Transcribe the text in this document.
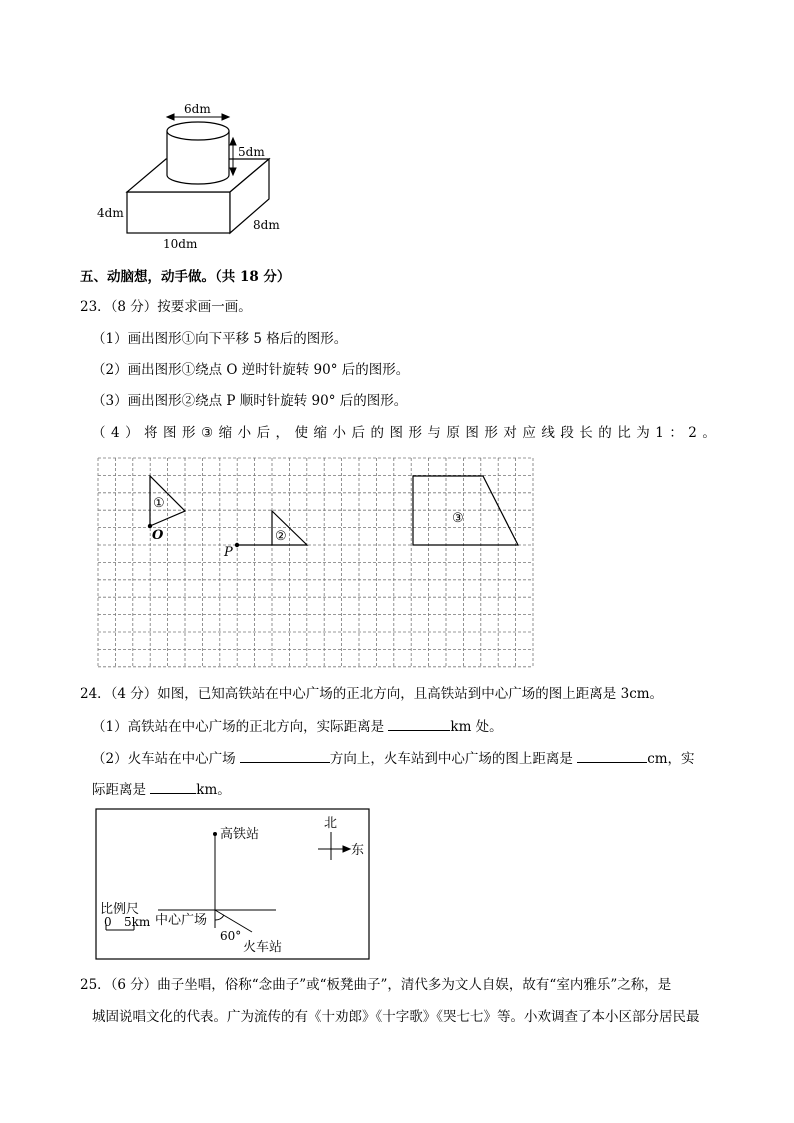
6dm
5dm
4dm
10dm
8dm
五、动脑想，动手做。（共 18 分）
23．（8 分）按要求画一画。
（1）画出图形①向下平移 5 格后的图形。
（2）画出图形①绕点 O 逆时针旋转 90° 后的图形。
（3）画出图形②绕点 P 顺时针旋转 90° 后的图形。
（ 4 ） 将 图 形 ③ 缩 小 后 ， 使 缩 小 后 的 图 形 与 原 图 形 对 应 线 段 长 的 比 为 1 ： 2 。
①
②
③
O
P
24．（4 分）如图，已知高铁站在中心广场的正北方向，且高铁站到中心广场的图上距离是 3cm。
（1）高铁站在中心广场的正北方向，实际距离是	km 处。
（2）火车站在中心广场	方向上，火车站到中心广场的图上距离是	cm，实
际距离是	km。
北
东
高铁站
比例尺
0 5km 中心广场
60°
火车站
25．（6 分）曲子坐唱，俗称“念曲子”或“板凳曲子”，清代多为文人自娱，故有“室内雅乐”之称，是
城固说唱文化的代表。广为流传的有《十劝郎》《十字歌》《哭七七》等。小欢调查了本小区部分居民最
